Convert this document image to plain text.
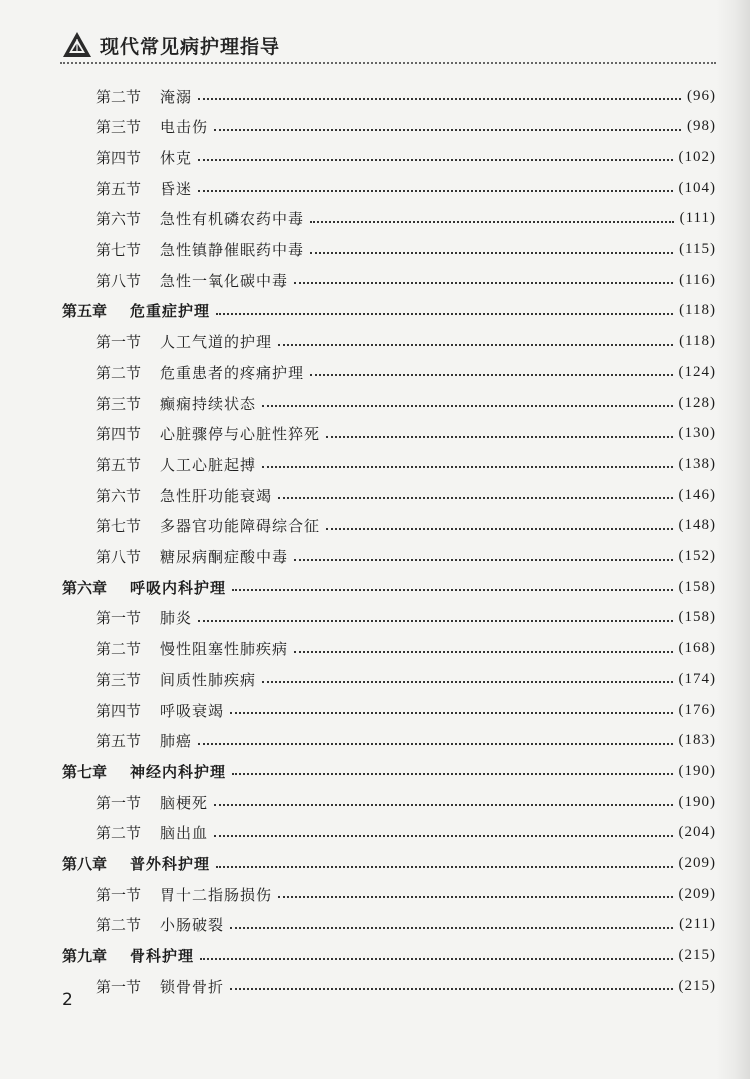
现代常见病护理指导
第二节	淹溺	(96)
第三节	电击伤	(98)
第四节	休克	(102)
第五节	昏迷	(104)
第六节	急性有机磷农药中毒	(111)
第七节	急性镇静催眠药中毒	(115)
第八节	急性一氧化碳中毒	(116)
第五章	危重症护理	(118)
第一节	人工气道的护理	(118)
第二节	危重患者的疼痛护理	(124)
第三节	癫痫持续状态	(128)
第四节	心脏骤停与心脏性猝死	(130)
第五节	人工心脏起搏	(138)
第六节	急性肝功能衰竭	(146)
第七节	多器官功能障碍综合征	(148)
第八节	糖尿病酮症酸中毒	(152)
第六章	呼吸内科护理	(158)
第一节	肺炎	(158)
第二节	慢性阻塞性肺疾病	(168)
第三节	间质性肺疾病	(174)
第四节	呼吸衰竭	(176)
第五节	肺癌	(183)
第七章	神经内科护理	(190)
第一节	脑梗死	(190)
第二节	脑出血	(204)
第八章	普外科护理	(209)
第一节	胃十二指肠损伤	(209)
第二节	小肠破裂	(211)
第九章	骨科护理	(215)
第一节	锁骨骨折	(215)
2
